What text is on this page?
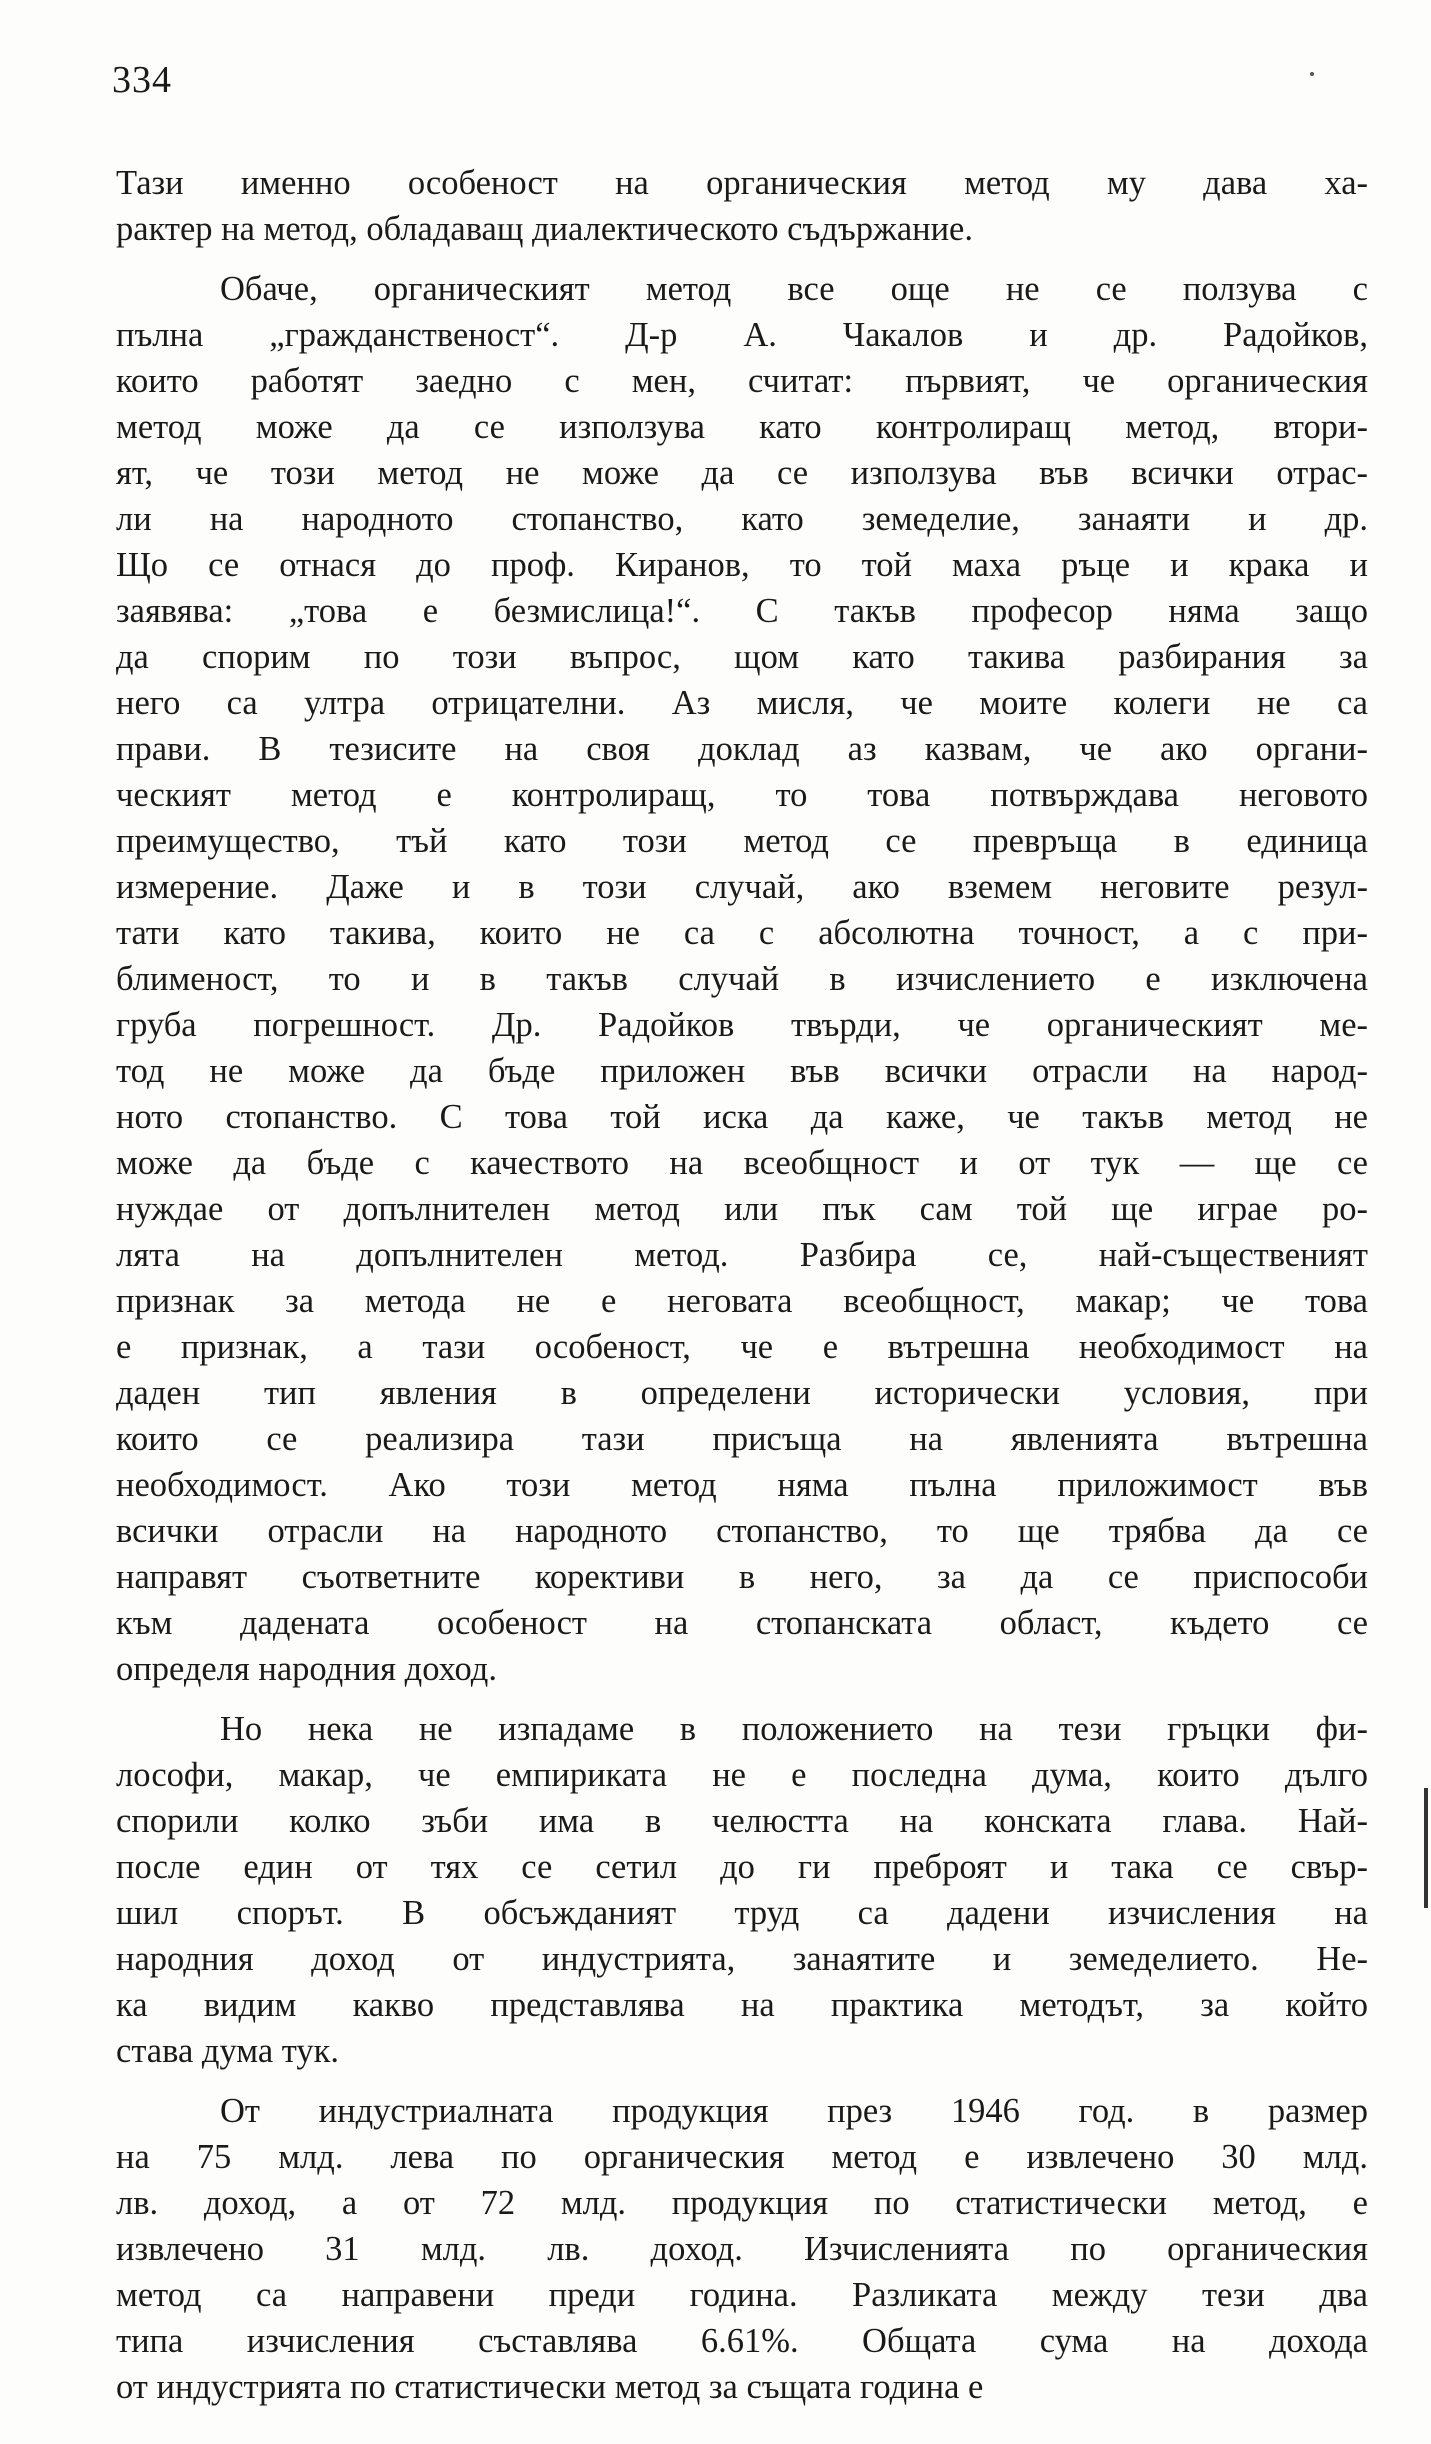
334
Тази именно особеност на органическия метод му дава ха-
рактер на метод, обладаващ диалектическото съдържание.
Обаче, органическият метод все още не се ползува с
пълна „гражданственост“. Д-р А. Чакалов и др. Радойков,
които работят заедно с мен, считат: първият, че органическия
метод може да се използува като контролиращ метод, втори-
ят, че този метод не може да се използува във всички отрас-
ли на народното стопанство, като земеделие, занаяти и др.
Що се отнася до проф. Киранов, то той маха ръце и крака и
заявява: „това е безмислица!“. С такъв професор няма защо
да спорим по този въпрос, щом като такива разбирания за
него са ултра отрицателни. Аз мисля, че моите колеги не са
прави. В тезисите на своя доклад аз казвам, че ако органи-
ческият метод е контролиращ, то това потвърждава неговото
преимущество, тъй като този метод се превръща в единица
измерение. Даже и в този случай, ако вземем неговите резул-
тати като такива, които не са с абсолютна точност, а с при-
блименост, то и в такъв случай в изчислението е изключена
груба погрешност. Др. Радойков твърди, че органическият ме-
тод не може да бъде приложен във всички отрасли на народ-
ното стопанство. С това той иска да каже, че такъв метод не
може да бъде с качеството на всеобщност и от тук — ще се
нуждае от допълнителен метод или пък сам той ще играе ро-
лята на допълнителен метод. Разбира се, най-същественият
признак за метода не е неговата всеобщност, макар; че това
е признак, а тази особеност, че е вътрешна необходимост на
даден тип явления в определени исторически условия, при
които се реализира тази присъща на явленията вътрешна
необходимост. Ако този метод няма пълна приложимост във
всички отрасли на народното стопанство, то ще трябва да се
направят съответните корективи в него, за да се приспособи
към дадената особеност на стопанската област, където се
определя народния доход.
Но нека не изпадаме в положението на тези гръцки фи-
лософи, макар, че емпириката не е последна дума, които дълго
спорили колко зъби има в челюстта на конската глава. Най-
после един от тях се сетил до ги преброят и така се свър-
шил спорът. В обсъжданият труд са дадени изчисления на
народния доход от индустрията, занаятите и земеделието. Не-
ка видим какво представлява на практика методът, за който
става дума тук.
От индустриалната продукция през 1946 год. в размер
на 75 млд. лева по органическия метод е извлечено 30 млд.
лв. доход, а от 72 млд. продукция по статистически метод, е
извлечено 31 млд. лв. доход. Изчисленията по органическия
метод са направени преди година. Разликата между тези два
типа изчисления съставлява 6.61%. Общата сума на дохода
от индустрията по статистически метод за същата година е
